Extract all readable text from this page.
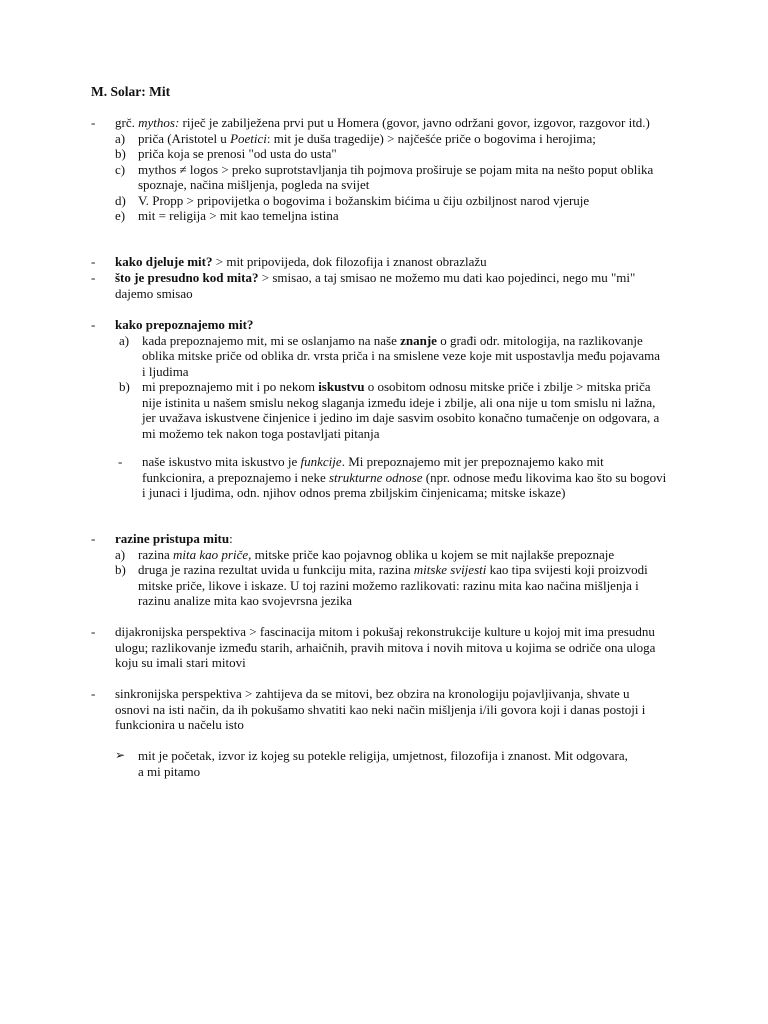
M. Solar: Mit
- grč. mythos: riječ je zabilježena prvi put u Homera (govor, javno održani govor, izgovor, razgovor itd.)
a) priča (Aristotel u Poetici: mit je duša tragedije) > najčešće priče o bogovima i herojima;
b) priča koja se prenosi "od usta do usta"
c) mythos ≠ logos > preko suprotstavljanja tih pojmova proširuje se pojam mita na nešto poput oblika spoznaje, načina mišljenja, pogleda na svijet
d) V. Propp > pripovijetka o bogovima i božanskim bićima u čiju ozbiljnost narod vjeruje
e) mit = religija > mit kao temeljna istina
- kako djeluje mit? > mit pripovijeda, dok filozofija i znanost obrazlažu
- što je presudno kod mita? > smisao, a taj smisao ne možemo mu dati kao pojedinci, nego mu "mi" dajemo smisao
- kako prepoznajemo mit?
a) kada prepoznajemo mit, mi se oslanjamo na naše znanje o građi odr. mitologija, na razlikovanje oblika mitske priče od oblika dr. vrsta priča i na smislene veze koje mit uspostavlja među pojavama i ljudima
b) mi prepoznajemo mit i po nekom iskustvu o osobitom odnosu mitske priče i zbilje > mitska priča nije istinita u našem smislu nekog slaganja između ideje i zbilje, ali ona nije u tom smislu ni lažna, jer uvažava iskustvene činjenice i jedino im daje sasvim osobito konačno tumačenje on odgovara, a mi možemo tek nakon toga postavljati pitanja
- naše iskustvo mita iskustvo je funkcije. Mi prepoznajemo mit jer prepoznajemo kako mit funkcionira, a prepoznajemo i neke strukturne odnose (npr. odnose među likovima kao što su bogovi i junaci i ljudima, odn. njihov odnos prema zbiljskim činjenicama; mitske iskaze)
- razine pristupa mitu:
a) razina mita kao priče, mitske priče kao pojavnog oblika u kojem se mit najlakše prepoznaje
b) druga je razina rezultat uvida u funkciju mita, razina mitske svijesti kao tipa svijesti koji proizvodi mitske priče, likove i iskaze. U toj razini možemo razlikovati: razinu mita kao načina mišljenja i razinu analize mita kao svojevrsna jezika
- dijakronijska perspektiva > fascinacija mitom i pokušaj rekonstrukcije kulture u kojoj mit ima presudnu ulogu; razlikovanje između starih, arhaičnih, pravih mitova i novih mitova u kojima se odriče ona uloga koju su imali stari mitovi
- sinkronijska perspektiva > zahtijeva da se mitovi, bez obzira na kronologiju pojavljivanja, shvate u osnovi na isti način, da ih pokušamo shvatiti kao neki način mišljenja i/ili govora koji i danas postoji i funkcionira u načelu isto
➢ mit je početak, izvor iz kojeg su potekle religija, umjetnost, filozofija i znanost. Mit odgovara, a mi pitamo
